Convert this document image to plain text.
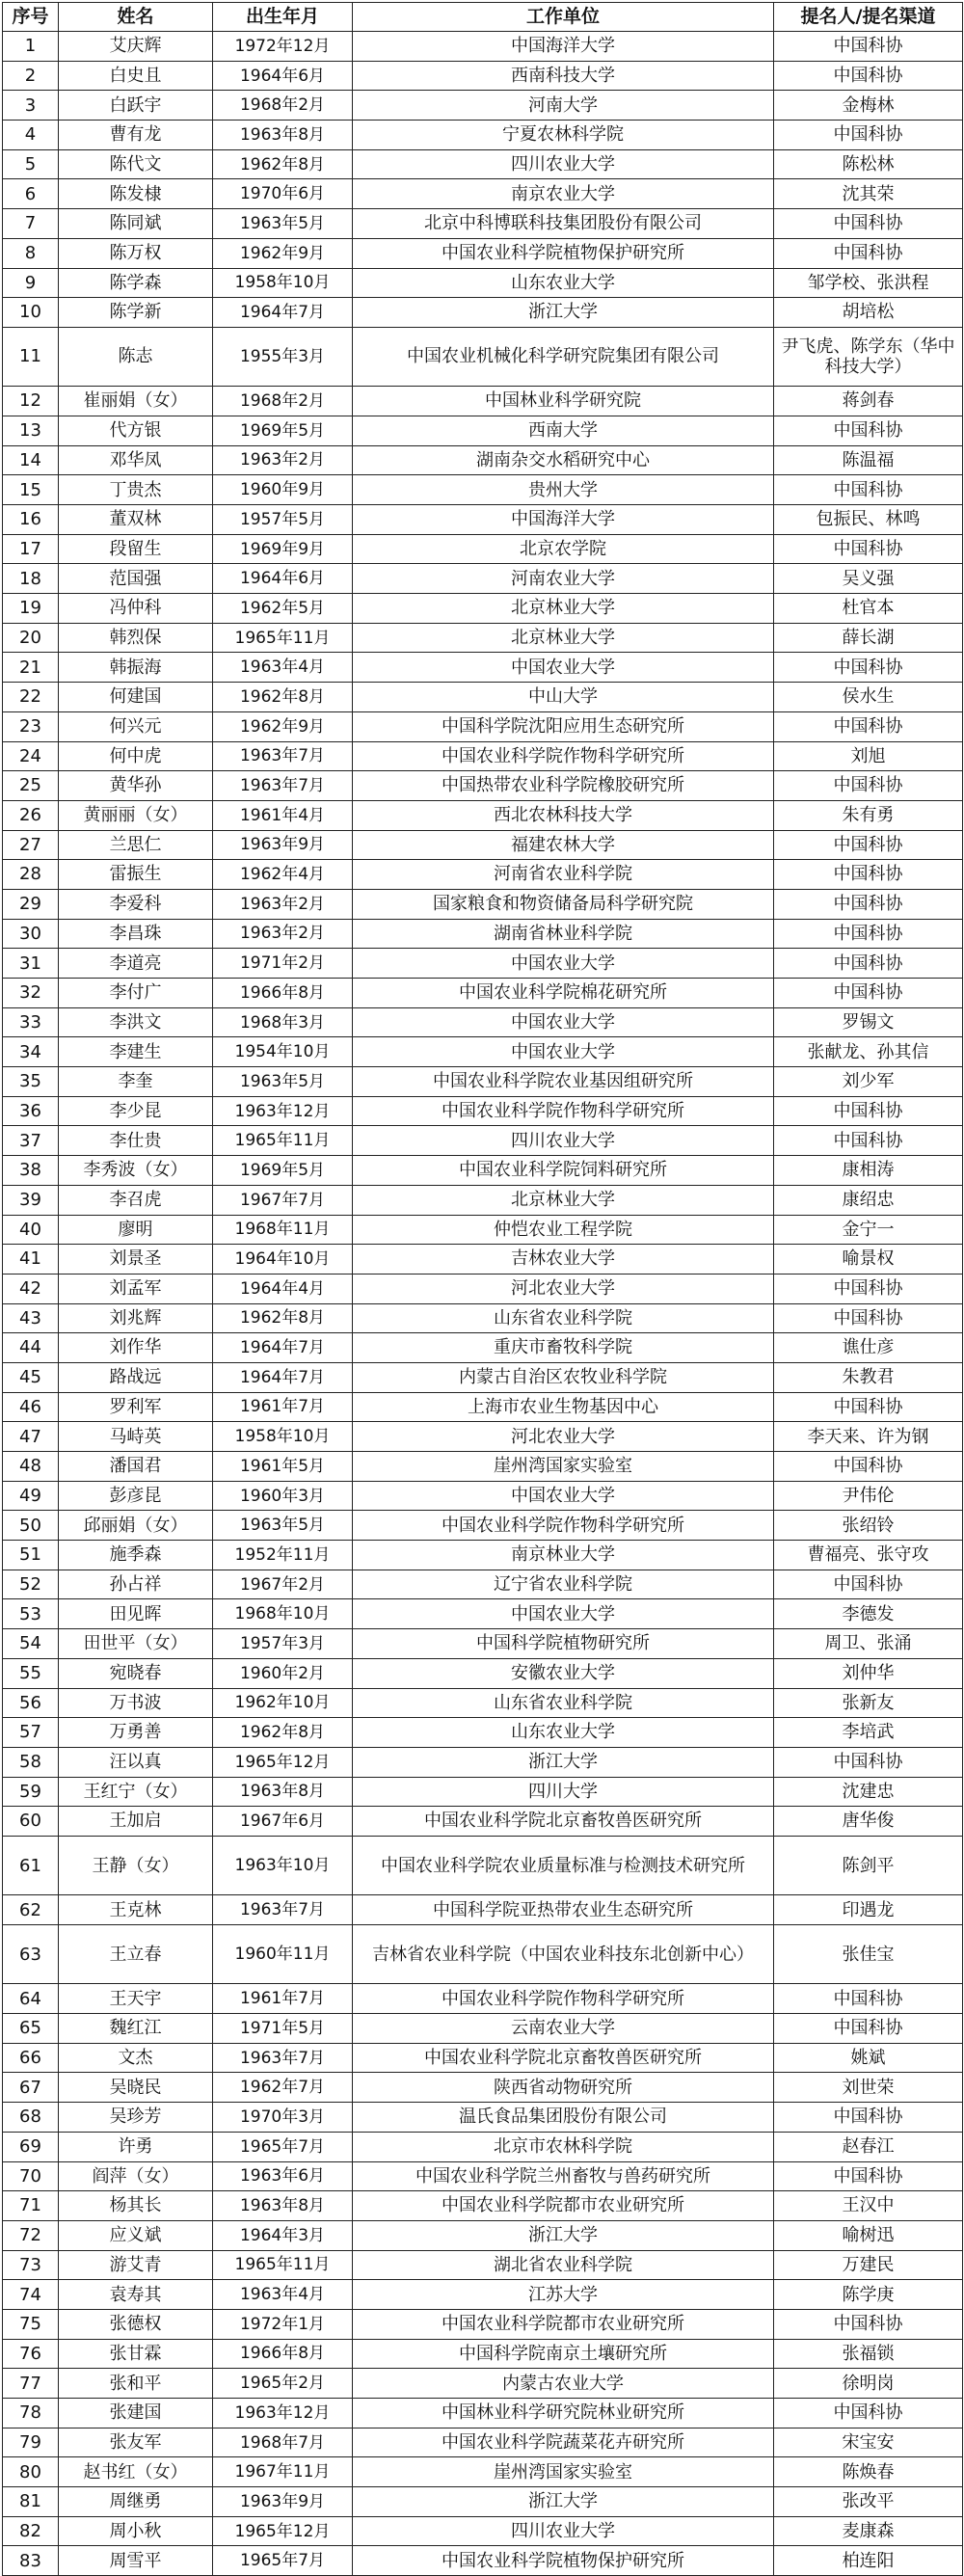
序号	姓名	出生年月	工作单位	提名人/提名渠道
1	艾庆辉	1972年12月	中国海洋大学	中国科协
2	白史且	1964年6月	西南科技大学	中国科协
3	白跃宇	1968年2月	河南大学	金梅林
4	曹有龙	1963年8月	宁夏农林科学院	中国科协
5	陈代文	1962年8月	四川农业大学	陈松林
6	陈发棣	1970年6月	南京农业大学	沈其荣
7	陈同斌	1963年5月	北京中科博联科技集团股份有限公司	中国科协
8	陈万权	1962年9月	中国农业科学院植物保护研究所	中国科协
9	陈学森	1958年10月	山东农业大学	邹学校、张洪程
10	陈学新	1964年7月	浙江大学	胡培松
11	陈志	1955年3月	中国农业机械化科学研究院集团有限公司	尹飞虎、陈学东（华中科技大学）
12	崔丽娟（女）	1968年2月	中国林业科学研究院	蒋剑春
13	代方银	1969年5月	西南大学	中国科协
14	邓华凤	1963年2月	湖南杂交水稻研究中心	陈温福
15	丁贵杰	1960年9月	贵州大学	中国科协
16	董双林	1957年5月	中国海洋大学	包振民、林鸣
17	段留生	1969年9月	北京农学院	中国科协
18	范国强	1964年6月	河南农业大学	吴义强
19	冯仲科	1962年5月	北京林业大学	杜官本
20	韩烈保	1965年11月	北京林业大学	薛长湖
21	韩振海	1963年4月	中国农业大学	中国科协
22	何建国	1962年8月	中山大学	侯水生
23	何兴元	1962年9月	中国科学院沈阳应用生态研究所	中国科协
24	何中虎	1963年7月	中国农业科学院作物科学研究所	刘旭
25	黄华孙	1963年7月	中国热带农业科学院橡胶研究所	中国科协
26	黄丽丽（女）	1961年4月	西北农林科技大学	朱有勇
27	兰思仁	1963年9月	福建农林大学	中国科协
28	雷振生	1962年4月	河南省农业科学院	中国科协
29	李爱科	1963年2月	国家粮食和物资储备局科学研究院	中国科协
30	李昌珠	1963年2月	湖南省林业科学院	中国科协
31	李道亮	1971年2月	中国农业大学	中国科协
32	李付广	1966年8月	中国农业科学院棉花研究所	中国科协
33	李洪文	1968年3月	中国农业大学	罗锡文
34	李建生	1954年10月	中国农业大学	张献龙、孙其信
35	李奎	1963年5月	中国农业科学院农业基因组研究所	刘少军
36	李少昆	1963年12月	中国农业科学院作物科学研究所	中国科协
37	李仕贵	1965年11月	四川农业大学	中国科协
38	李秀波（女）	1969年5月	中国农业科学院饲料研究所	康相涛
39	李召虎	1967年7月	北京林业大学	康绍忠
40	廖明	1968年11月	仲恺农业工程学院	金宁一
41	刘景圣	1964年10月	吉林农业大学	喻景权
42	刘孟军	1964年4月	河北农业大学	中国科协
43	刘兆辉	1962年8月	山东省农业科学院	中国科协
44	刘作华	1964年7月	重庆市畜牧科学院	谯仕彦
45	路战远	1964年7月	内蒙古自治区农牧业科学院	朱教君
46	罗利军	1961年7月	上海市农业生物基因中心	中国科协
47	马峙英	1958年10月	河北农业大学	李天来、许为钢
48	潘国君	1961年5月	崖州湾国家实验室	中国科协
49	彭彦昆	1960年3月	中国农业大学	尹伟伦
50	邱丽娟（女）	1963年5月	中国农业科学院作物科学研究所	张绍铃
51	施季森	1952年11月	南京林业大学	曹福亮、张守攻
52	孙占祥	1967年2月	辽宁省农业科学院	中国科协
53	田见晖	1968年10月	中国农业大学	李德发
54	田世平（女）	1957年3月	中国科学院植物研究所	周卫、张涌
55	宛晓春	1960年2月	安徽农业大学	刘仲华
56	万书波	1962年10月	山东省农业科学院	张新友
57	万勇善	1962年8月	山东农业大学	李培武
58	汪以真	1965年12月	浙江大学	中国科协
59	王红宁（女）	1963年8月	四川大学	沈建忠
60	王加启	1967年6月	中国农业科学院北京畜牧兽医研究所	唐华俊
61	王静（女）	1963年10月	中国农业科学院农业质量标准与检测技术研究所	陈剑平
62	王克林	1963年7月	中国科学院亚热带农业生态研究所	印遇龙
63	王立春	1960年11月	吉林省农业科学院（中国农业科技东北创新中心）	张佳宝
64	王天宇	1961年7月	中国农业科学院作物科学研究所	中国科协
65	魏红江	1971年5月	云南农业大学	中国科协
66	文杰	1963年7月	中国农业科学院北京畜牧兽医研究所	姚斌
67	吴晓民	1962年7月	陕西省动物研究所	刘世荣
68	吴珍芳	1970年3月	温氏食品集团股份有限公司	中国科协
69	许勇	1965年7月	北京市农林科学院	赵春江
70	阎萍（女）	1963年6月	中国农业科学院兰州畜牧与兽药研究所	中国科协
71	杨其长	1963年8月	中国农业科学院都市农业研究所	王汉中
72	应义斌	1964年3月	浙江大学	喻树迅
73	游艾青	1965年11月	湖北省农业科学院	万建民
74	袁寿其	1963年4月	江苏大学	陈学庚
75	张德权	1972年1月	中国农业科学院都市农业研究所	中国科协
76	张甘霖	1966年8月	中国科学院南京土壤研究所	张福锁
77	张和平	1965年2月	内蒙古农业大学	徐明岗
78	张建国	1963年12月	中国林业科学研究院林业研究所	中国科协
79	张友军	1968年7月	中国农业科学院蔬菜花卉研究所	宋宝安
80	赵书红（女）	1967年11月	崖州湾国家实验室	陈焕春
81	周继勇	1963年9月	浙江大学	张改平
82	周小秋	1965年12月	四川农业大学	麦康森
83	周雪平	1965年7月	中国农业科学院植物保护研究所	柏连阳
